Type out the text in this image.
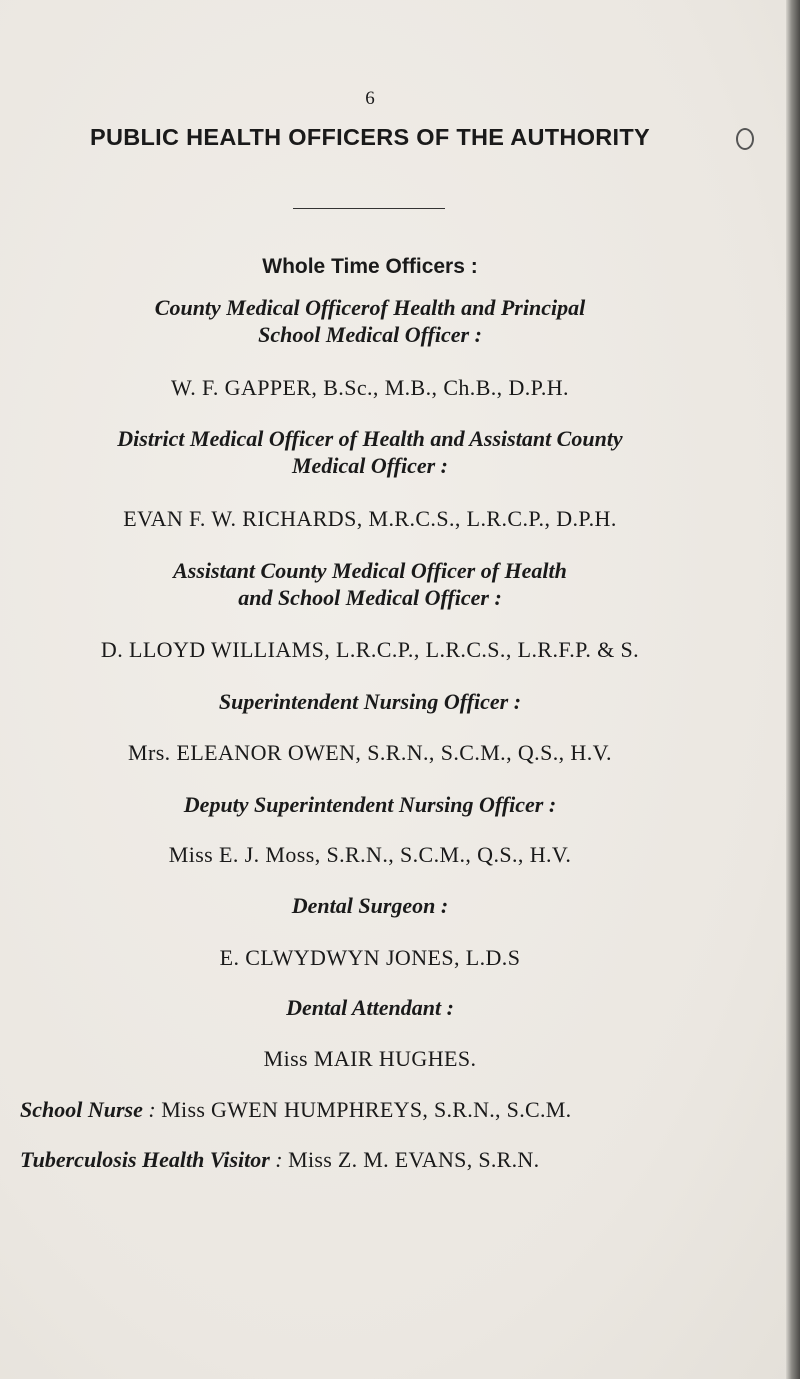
6
PUBLIC HEALTH OFFICERS OF THE AUTHORITY
Whole Time Officers :
County Medical Officerof Health and Principal
School Medical Officer :
W. F. GAPPER, B.Sc., M.B., Ch.B., D.P.H.
District Medical Officer of Health and Assistant County
Medical Officer :
EVAN F. W. RICHARDS, M.R.C.S., L.R.C.P., D.P.H.
Assistant County Medical Officer of Health
and School Medical Officer :
D. LLOYD WILLIAMS, L.R.C.P., L.R.C.S., L.R.F.P. & S.
Superintendent Nursing Officer :
Mrs. ELEANOR OWEN, S.R.N., S.C.M., Q.S., H.V.
Deputy Superintendent Nursing Officer :
Miss E. J. Moss, S.R.N., S.C.M., Q.S., H.V.
Dental Surgeon :
E. CLWYDWYN JONES, L.D.S
Dental Attendant :
Miss MAIR HUGHES.
School Nurse : Miss GWEN HUMPHREYS, S.R.N., S.C.M.
Tuberculosis Health Visitor : Miss Z. M. EVANS, S.R.N.
